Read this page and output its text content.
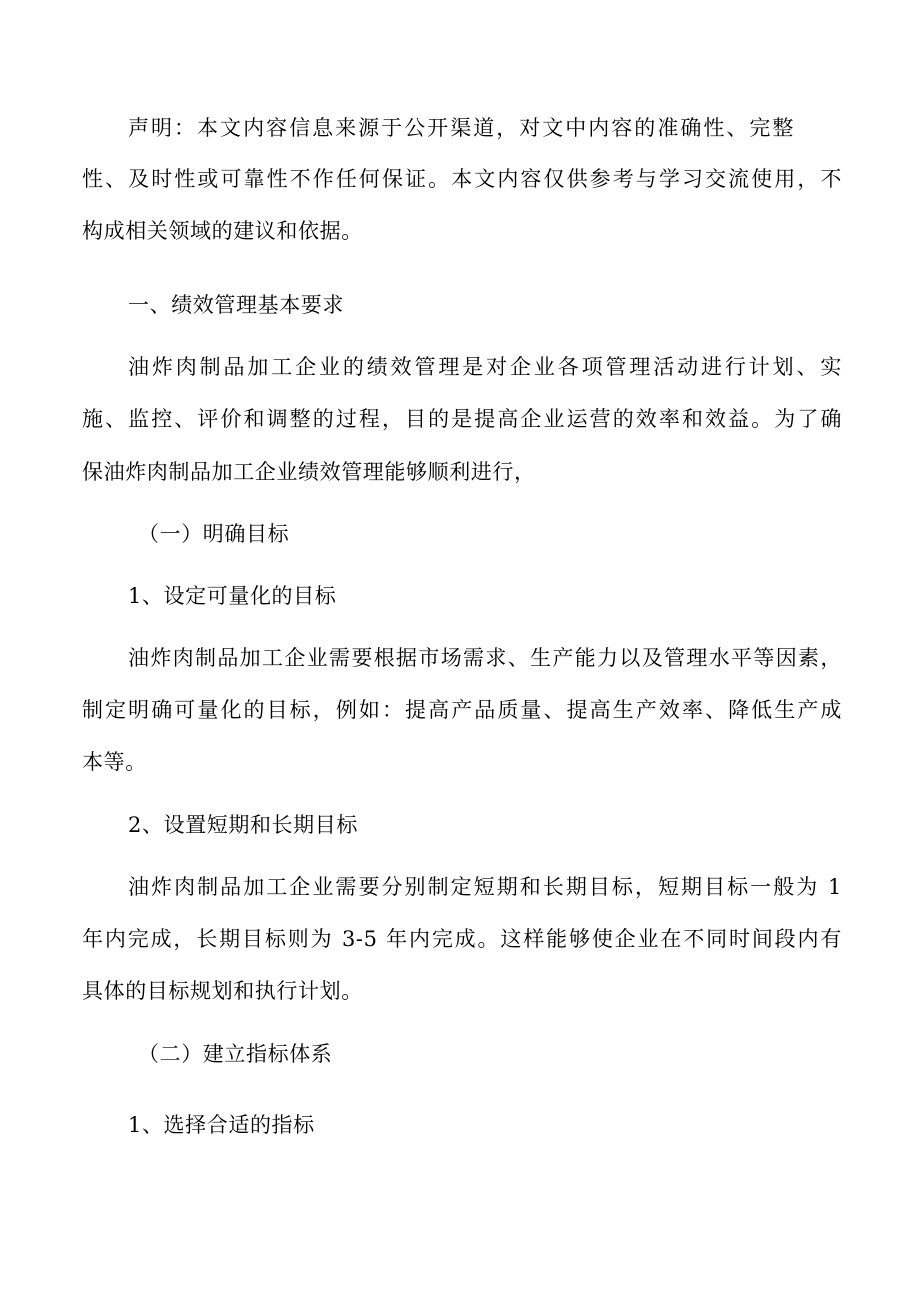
声明：本文内容信息来源于公开渠道，对文中内容的准确性、完整
性、及时性或可靠性不作任何保证。本文内容仅供参考与学习交流使用，不
构成相关领域的建议和依据。
一、绩效管理基本要求
油炸肉制品加工企业的绩效管理是对企业各项管理活动进行计划、实
施、监控、评价和调整的过程，目的是提高企业运营的效率和效益。为了确
保油炸肉制品加工企业绩效管理能够顺利进行，
（一）明确目标
1、设定可量化的目标
油炸肉制品加工企业需要根据市场需求、生产能力以及管理水平等因素，
制定明确可量化的目标，例如：提高产品质量、提高生产效率、降低生产成
本等。
2、设置短期和长期目标
油炸肉制品加工企业需要分别制定短期和长期目标，短期目标一般为 1
年内完成，长期目标则为 3-5 年内完成。这样能够使企业在不同时间段内有
具体的目标规划和执行计划。
（二）建立指标体系
1、选择合适的指标
